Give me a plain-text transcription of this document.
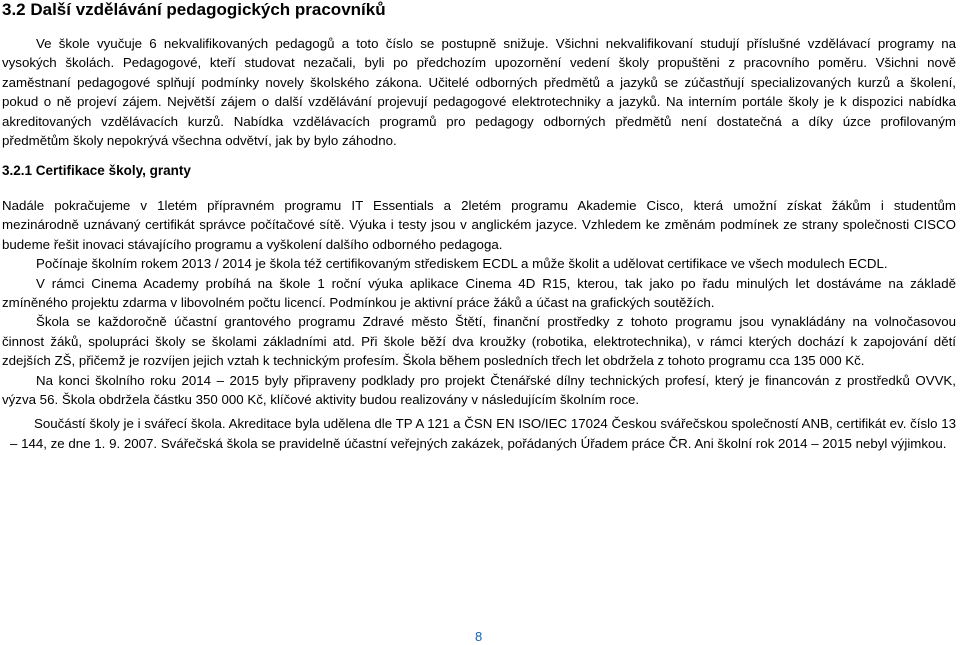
3.2 Další vzdělávání pedagogických pracovníků
Ve škole vyučuje 6 nekvalifikovaných pedagogů a toto číslo se postupně snižuje. Všichni nekvalifikovaní studují příslušné vzdělávací programy na
vysokých školách. Pedagogové, kteří studovat nezačali, byli po předchozím upozornění vedení školy propuštěni z pracovního poměru. Všichni nově
zaměstnaní pedagogové splňují podmínky novely školského zákona. Učitelé odborných předmětů a jazyků se zúčastňují specializovaných kurzů a školení,
pokud o ně projeví zájem. Největší zájem o další vzdělávání projevují pedagogové elektrotechniky a jazyků. Na interním portále školy je k dispozici nabídka
akreditovaných vzdělávacích kurzů. Nabídka vzdělávacích programů pro pedagogy odborných předmětů není dostatečná a díky úzce profilovaným
předmětům školy nepokrývá všechna odvětví, jak by bylo záhodno.
3.2.1 Certifikace školy, granty
Nadále pokračujeme v 1letém přípravném programu IT Essentials a 2letém programu Akademie Cisco, která umožní získat žákům i studentům
mezinárodně uznávaný certifikát správce počítačové sítě. Výuka i testy jsou v anglickém jazyce. Vzhledem ke změnám podmínek ze strany společnosti CISCO
budeme řešit inovaci stávajícího programu a vyškolení dalšího odborného pedagoga.
Počínaje školním rokem 2013 / 2014 je škola též certifikovaným střediskem ECDL a může školit a udělovat certifikace ve všech modulech ECDL.
V rámci Cinema Academy probíhá na škole 1 roční výuka aplikace Cinema 4D R15, kterou, tak jako po řadu minulých let dostáváme na základě
zmíněného projektu zdarma v libovolném počtu licencí. Podmínkou je aktivní práce žáků a účast na grafických soutěžích.
Škola se každoročně účastní grantového programu Zdravé město Štětí, finanční prostředky z tohoto programu jsou vynakládány na volnočasovou
činnost žáků, spolupráci školy se školami základními atd. Při škole běží dva kroužky (robotika, elektrotechnika), v rámci kterých dochází k zapojování dětí
zdejších ZŠ, přičemž je rozvíjen jejich vztah k technickým profesím. Škola během posledních třech let obdržela z tohoto programu cca 135 000 Kč.
Na konci školního roku 2014 – 2015 byly připraveny podklady pro projekt Čtenářské dílny technických profesí, který je financován z prostředků OVVK,
výzva 56. Škola obdržela částku 350 000 Kč, klíčové aktivity budou realizovány v následujícím školním roce.
Součástí školy je i svářecí škola. Akreditace byla udělena dle TP A 121 a ČSN EN ISO/IEC 17024 Českou svářečskou společností ANB, certifikát ev. číslo 13
– 144, ze dne 1. 9. 2007. Svářečská škola se pravidelně účastní veřejných zakázek, pořádaných Úřadem práce ČR. Ani školní rok 2014 – 2015 nebyl výjimkou.
8
